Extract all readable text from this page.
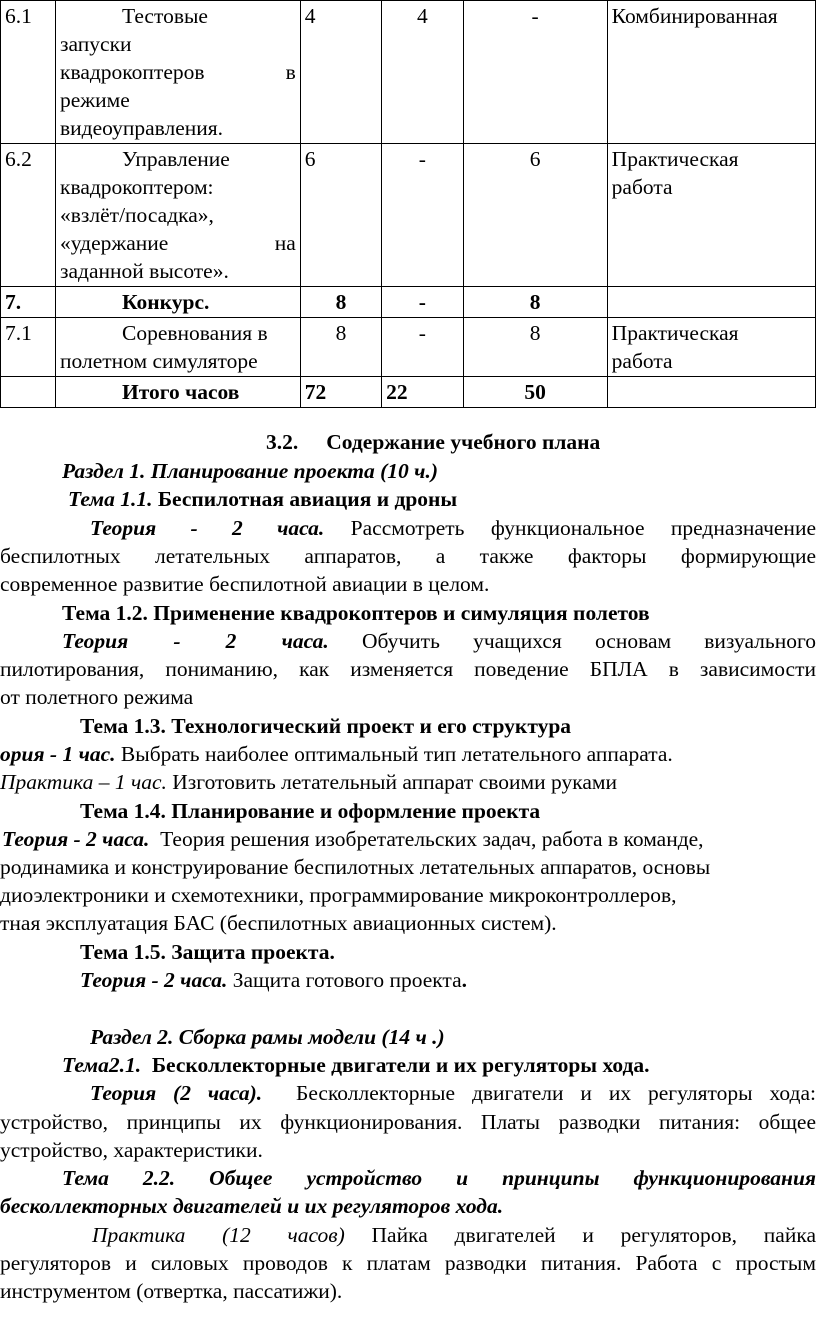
6.1	Тестовые
запуски

квадрокоптеров в
режиме
видеоуправления.	4	4	-	Комбинированная
6.2	Управление
квадрокоптером:
«взлёт/посадка»,

«удержание на
заданной высоте».	6	-	6	Практическая
работа
7.	Конкурс.	8	-	8	
7.1	Соревнования в
полетном симуляторе	8	-	8	Практическая
работа
	Итого часов	72	22	50	
3.2. Содержание учебного плана
Раздел 1. Планирование проекта (10 ч.)
Тема 1.1. Беспилотная авиация и дроны
Теория - 2 часа. Рассмотреть функциональное предназначение
беспилотных летательных аппаратов, а также факторы формирующие
современное развитие беспилотной авиации в целом.
Тема 1.2. Применение квадрокоптеров и симуляция полетов
Теория - 2 часа. Обучить учащихся основам визуального
пилотирования, пониманию, как изменяется поведение БПЛА в зависимости
от полетного режима
Тема 1.3. Технологический проект и его структура
ория - 1 час. Выбрать наиболее оптимальный тип летательного аппарата.
Практика – 1 час. Изготовить летательный аппарат своими руками
Тема 1.4. Планирование и оформление проекта
Теория - 2 часа. Теория решения изобретательских задач, работа в команде,
родинамика и конструирование беспилотных летательных аппаратов, основы
диоэлектроники и схемотехники, программирование микроконтроллеров,
тная эксплуатация БАС (беспилотных авиационных систем).
Тема 1.5. Защита проекта.
Теория - 2 часа. Защита готового проекта.
Раздел 2. Сборка рамы модели (14 ч .)
Тема2.1. Бесколлекторные двигатели и их регуляторы хода.
Теория (2 часа). Бесколлекторные двигатели и их регуляторы хода:
устройство, принципы их функционирования. Платы разводки питания: общее
устройство, характеристики.
Тема 2.2. Общее устройство и принципы функционирования
бесколлекторных двигателей и их регуляторов хода.
Практика (12 часов) Пайка двигателей и регуляторов, пайка
регуляторов и силовых проводов к платам разводки питания. Работа с простым
инструментом (отвертка, пассатижи).
